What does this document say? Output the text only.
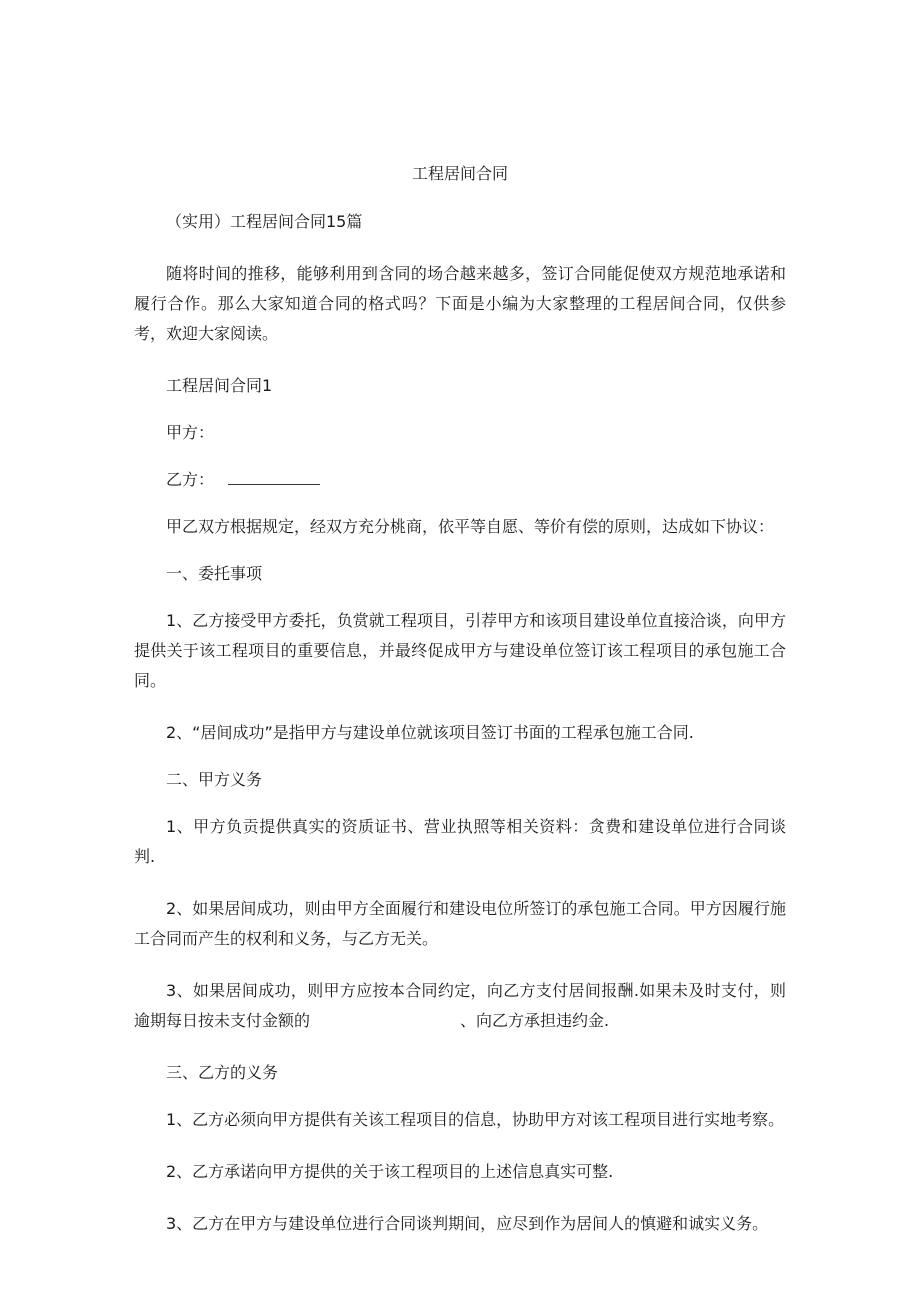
工程居间合同

（实用）工程居间合同15篇

随将时间的推移，能够利用到含同的场合越来越多，签订合同能促使双方规范地承诺和履行合作。那么大家知道合同的格式吗？下面是小编为大家整理的工程居间合同，仅供参考，欢迎大家阅读。

工程居间合同1

甲方：

乙方：

甲乙双方根据规定，经双方充分桃商，依平等自愿、等价有偿的原则，达成如下协议：

一、委托事项

1、乙方接受甲方委托，负赏就工程项目，引荐甲方和该项目建设单位直接洽谈，向甲方提供关于该工程项目的重要信息，并最终促成甲方与建设单位签订该工程项目的承包施工合同。

2、“居间成功”是指甲方与建设单位就该项目签订书面的工程承包施工合同.

二、甲方义务

1、甲方负贡提供真实的资质证书、营业执照等相关资料：贪费和建设单位进行合同谈判.

2、如果居间成功，则由甲方全面履行和建设电位所签订的承包施工合同。甲方因履行施工合同而产生的权利和义务，与乙方无关。

3、如果居间成功，则甲方应按本合同约定，向乙方支付居间报酬.如果未及时支付，则逾期每日按未支付金额的	、向乙方承担违约金.

三、乙方的义务

1、乙方必须向甲方提供有关该工程项目的信息，协助甲方对该工程项目进行实地考察。

2、乙方承诺向甲方提供的关于该工程项目的上述信息真实可整.

3、乙方在甲方与建设单位进行合同谈判期间，应尽到作为居间人的慎避和诚实义务。
